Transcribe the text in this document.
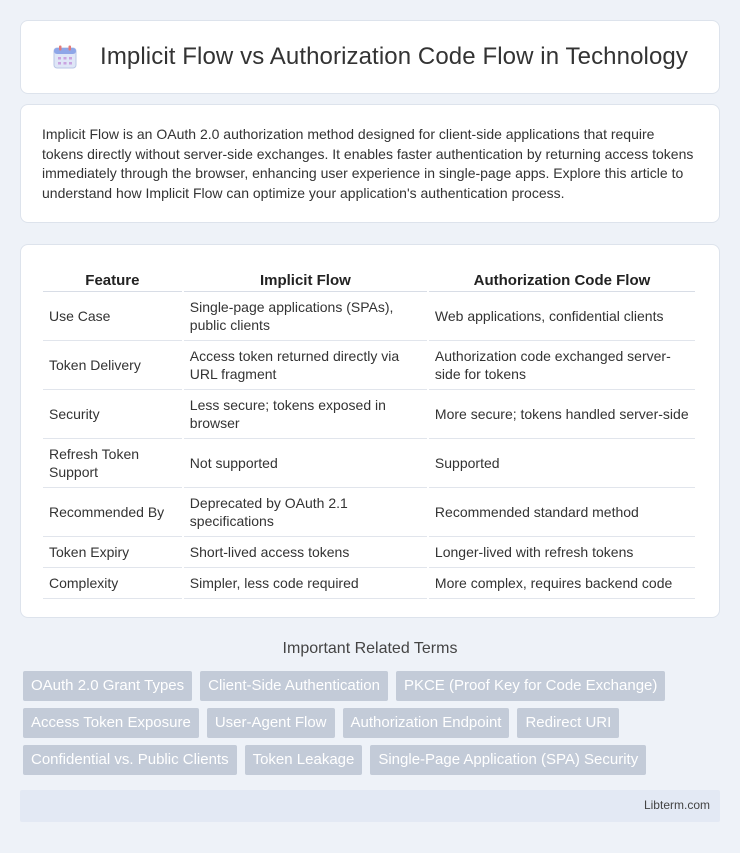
Implicit Flow vs Authorization Code Flow in Technology

Implicit Flow is an OAuth 2.0 authorization method designed for client-side applications that require tokens directly without server-side exchanges. It enables faster authentication by returning access tokens immediately through the browser, enhancing user experience in single-page apps. Explore this article to understand how Implicit Flow can optimize your application's authentication process.

Feature	Implicit Flow	Authorization Code Flow
Use Case	Single-page applications (SPAs), public clients	Web applications, confidential clients
Token Delivery	Access token returned directly via URL fragment	Authorization code exchanged server-side for tokens
Security	Less secure; tokens exposed in browser	More secure; tokens handled server-side
Refresh Token Support	Not supported	Supported
Recommended By	Deprecated by OAuth 2.1 specifications	Recommended standard method
Token Expiry	Short-lived access tokens	Longer-lived with refresh tokens
Complexity	Simpler, less code required	More complex, requires backend code
Important Related Terms
OAuth 2.0 Grant Types	Client-Side Authentication	PKCE (Proof Key for Code Exchange)
Access Token Exposure	User-Agent Flow	Authorization Endpoint	Redirect URI
Confidential vs. Public Clients	Token Leakage	Single-Page Application (SPA) Security
Libterm.com
